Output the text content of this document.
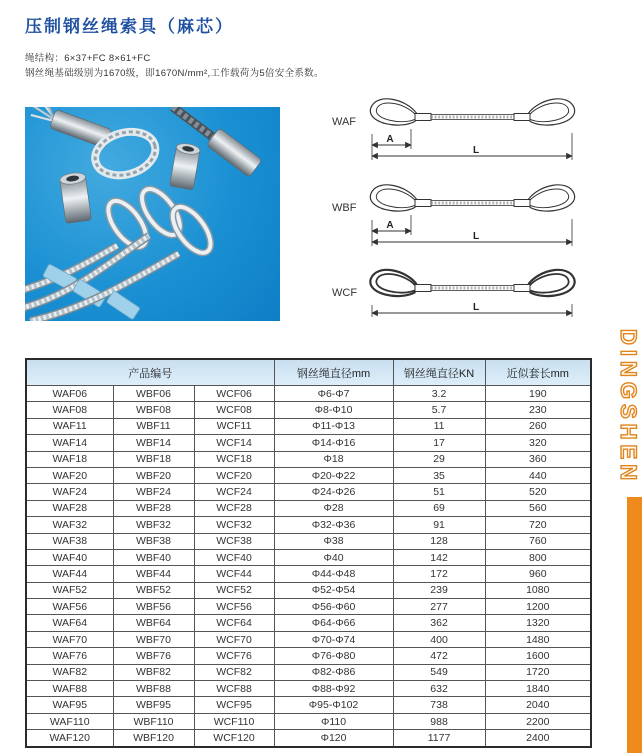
压制钢丝绳索具（麻芯）

绳结构：6×37+FC 8×61+FC

钢丝绳基础级别为1670级，即1670N/mm²,工作载荷为5倍安全系数。

A
L
WAF
A
L
WBF
L
WCF
DINGSHEN
产品编号			钢丝绳直径mm	钢丝绳直径KN	近似套长mm
WAF06	WBF06	WCF06	Φ6-Φ7	3.2	190
WAF08	WBF08	WCF08	Φ8-Φ10	5.7	230
WAF11	WBF11	WCF11	Φ11-Φ13	11	260
WAF14	WBF14	WCF14	Φ14-Φ16	17	320
WAF18	WBF18	WCF18	Φ18	29	360
WAF20	WBF20	WCF20	Φ20-Φ22	35	440
WAF24	WBF24	WCF24	Φ24-Φ26	51	520
WAF28	WBF28	WCF28	Φ28	69	560
WAF32	WBF32	WCF32	Φ32-Φ36	91	720
WAF38	WBF38	WCF38	Φ38	128	760
WAF40	WBF40	WCF40	Φ40	142	800
WAF44	WBF44	WCF44	Φ44-Φ48	172	960
WAF52	WBF52	WCF52	Φ52-Φ54	239	1080
WAF56	WBF56	WCF56	Φ56-Φ60	277	1200
WAF64	WBF64	WCF64	Φ64-Φ66	362	1320
WAF70	WBF70	WCF70	Φ70-Φ74	400	1480
WAF76	WBF76	WCF76	Φ76-Φ80	472	1600
WAF82	WBF82	WCF82	Φ82-Φ86	549	1720
WAF88	WBF88	WCF88	Φ88-Φ92	632	1840
WAF95	WBF95	WCF95	Φ95-Φ102	738	2040
WAF110	WBF110	WCF110	Φ110	988	2200
WAF120	WBF120	WCF120	Φ120	1177	2400
